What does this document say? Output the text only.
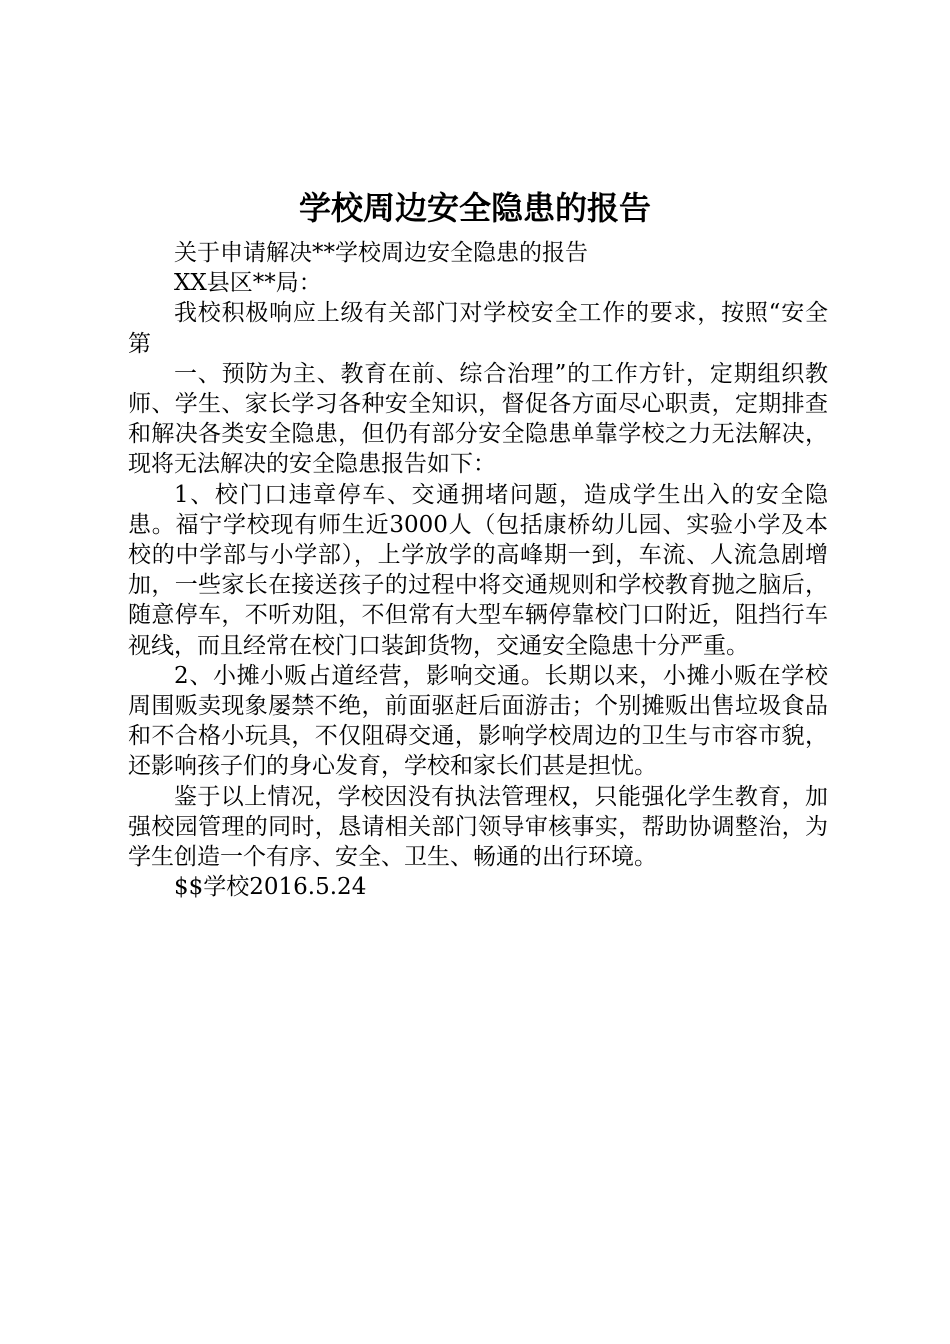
学校周边安全隐患的报告

关于申请解决**学校周边安全隐患的报告

XX县区**局：

我校积极响应上级有关部门对学校安全工作的要求，按照“安全第

一、预防为主、教育在前、综合治理”的工作方针，定期组织教师、学生、家长学习各种安全知识，督促各方面尽心职责，定期排查和解决各类安全隐患，但仍有部分安全隐患单靠学校之力无法解决，现将无法解决的安全隐患报告如下：

1、校门口违章停车、交通拥堵问题，造成学生出入的安全隐患。福宁学校现有师生近3000人（包括康桥幼儿园、实验小学及本校的中学部与小学部），上学放学的高峰期一到，车流、人流急剧增加，一些家长在接送孩子的过程中将交通规则和学校教育抛之脑后，随意停车，不听劝阻，不但常有大型车辆停靠校门口附近，阻挡行车视线，而且经常在校门口装卸货物，交通安全隐患十分严重。

2、小摊小贩占道经营，影响交通。长期以来，小摊小贩在学校周围贩卖现象屡禁不绝，前面驱赶后面游击；个别摊贩出售垃圾食品和不合格小玩具，不仅阻碍交通，影响学校周边的卫生与市容市貌，还影响孩子们的身心发育，学校和家长们甚是担忧。

鉴于以上情况，学校因没有执法管理权，只能强化学生教育，加强校园管理的同时，恳请相关部门领导审核事实，帮助协调整治，为学生创造一个有序、安全、卫生、畅通的出行环境。

$$学校2016.5.24
